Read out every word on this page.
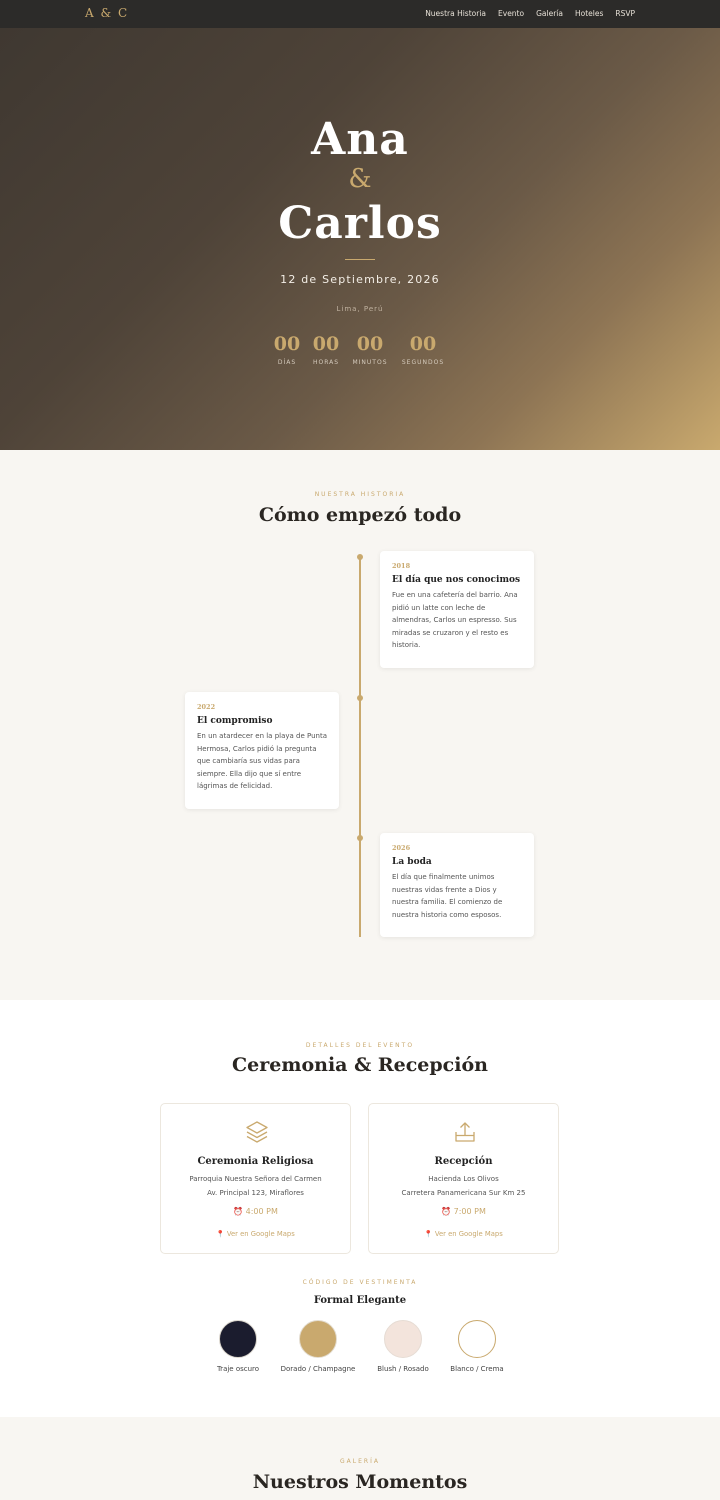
A & C	Nuestra Historia Evento Galería Hoteles RSVP
Ana
&
Carlos
12 de Septiembre, 2026
Lima, Perú
00
DÍAS
00
HORAS
00
MINUTOS
00
SEGUNDOS
NUESTRA HISTORIA
Cómo empezó todo
2018
El día que nos conocimos
Fue en una cafetería del barrio. Ana
pidió un latte con leche de
almendras, Carlos un espresso. Sus
miradas se cruzaron y el resto es
historia.
2022
El compromiso
En un atardecer en la playa de Punta
Hermosa, Carlos pidió la pregunta
que cambiaría sus vidas para
siempre. Ella dijo que sí entre
lágrimas de felicidad.
2026
La boda
El día que finalmente unimos
nuestras vidas frente a Dios y
nuestra familia. El comienzo de
nuestra historia como esposos.
DETALLES DEL EVENTO
Ceremonia & Recepción
Ceremonia Religiosa
Parroquia Nuestra Señora del Carmen
Av. Principal 123, Miraflores
⏰ 4:00 PM
📍 Ver en Google Maps
Recepción
Hacienda Los Olivos
Carretera Panamericana Sur Km 25
⏰ 7:00 PM
📍 Ver en Google Maps
CÓDIGO DE VESTIMENTA
Formal Elegante
Traje oscuro	Dorado / Champagne	Blush / Rosado	Blanco / Crema
GALERÍA
Nuestros Momentos
